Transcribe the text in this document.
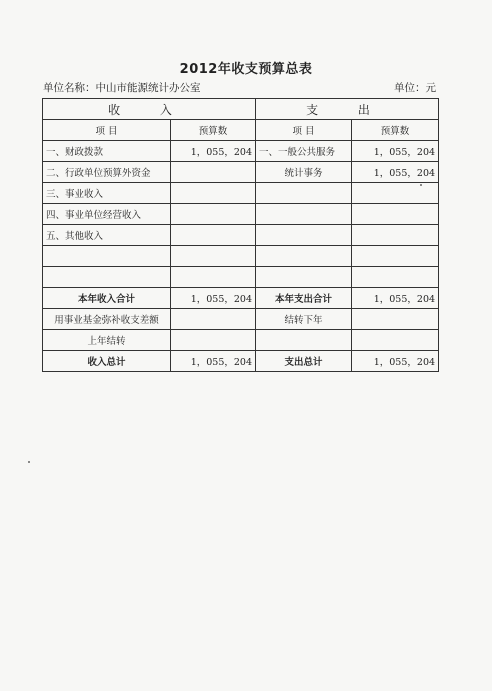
2012年收支预算总表
单位名称：中山市能源统计办公室	单位：元
收 入		支 出	
项 目	预算数	项 目	预算数
一、财政拨款	1，055，204	一、一般公共服务	1，055，204
二、行政单位预算外资金		统计事务	1，055，204
三、事业收入			
四、事业单位经营收入			
五、其他收入			

本年收入合计	1，055，204	本年支出合计	1，055，204
用事业基金弥补收支差额		结转下年	
上年结转			
收入总计	1，055，204	支出总计	1，055，204
